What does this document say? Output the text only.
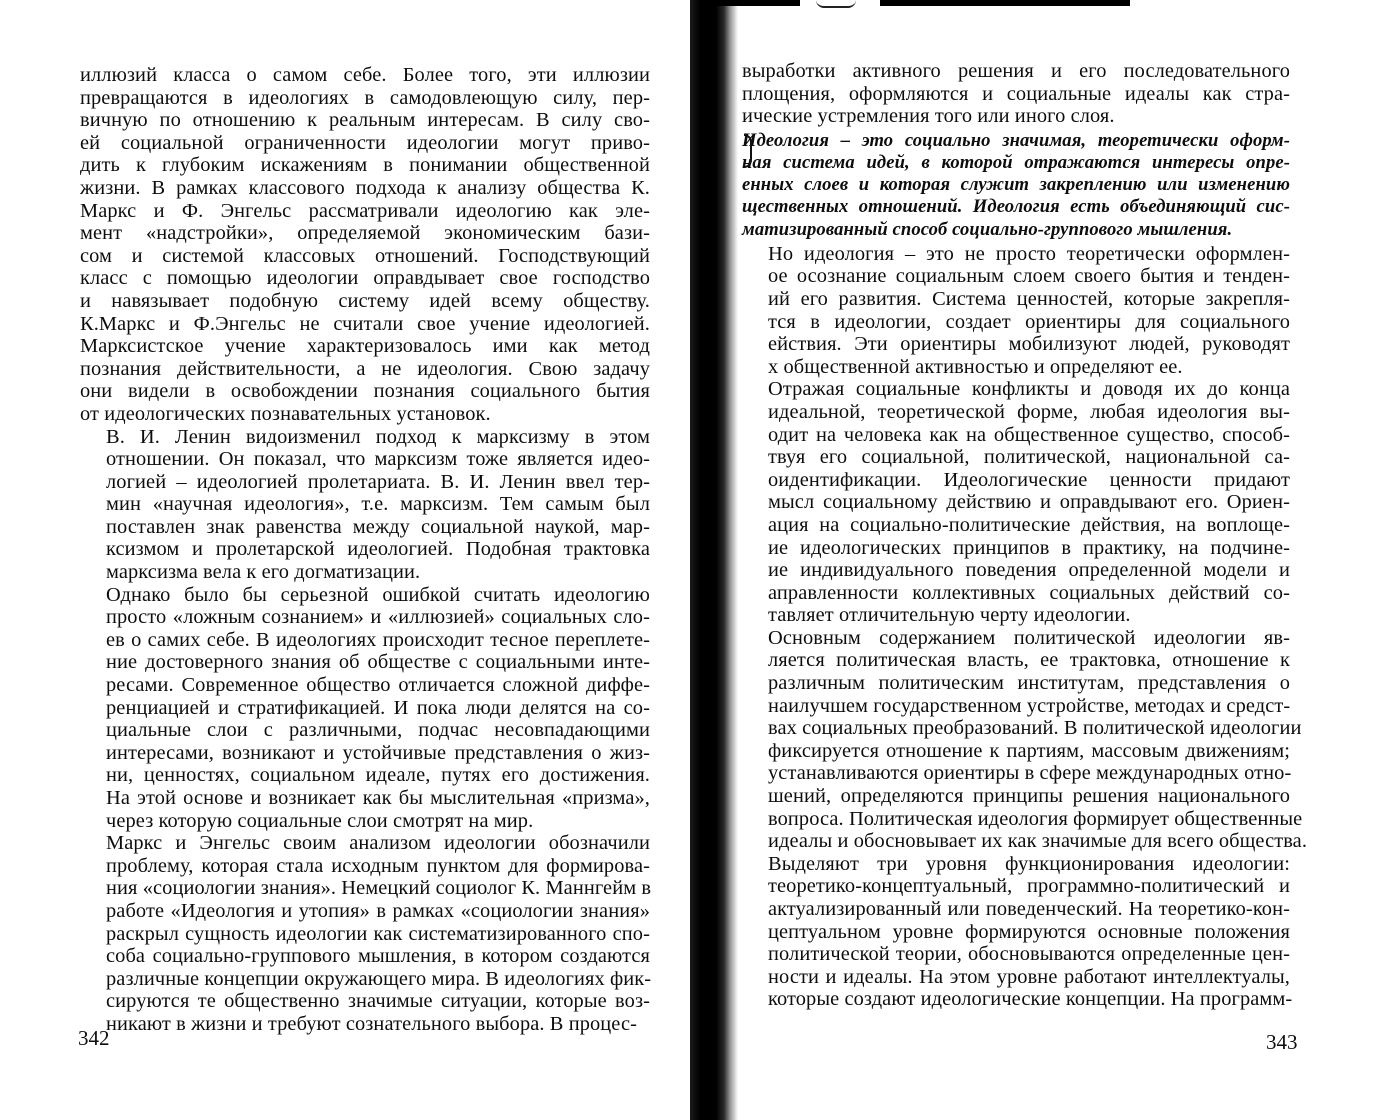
иллюзий класса о самом себе. Более того, эти иллюзии
превращаются в идеологиях в самодовлеющую силу, пер-
вичную по отношению к реальным интересам. В силу сво-
ей социальной ограниченности идеологии могут приво-
дить к глубоким искажениям в понимании общественной
жизни. В рамках классового подхода к анализу общества К.
Маркс и Ф. Энгельс рассматривали идеологию как эле-
мент «надстройки», определяемой экономическим бази-
сом и системой классовых отношений. Господствующий
класс с помощью идеологии оправдывает свое господство
и навязывает подобную систему идей всему обществу.
К.Маркс и Ф.Энгельс не считали свое учение идеологией.
Марксистское учение характеризовалось ими как метод
познания действительности, а не идеология. Свою задачу
они видели в освобождении познания социального бытия
от идеологических познавательных установок.
В. И. Ленин видоизменил подход к марксизму в этом
отношении. Он показал, что марксизм тоже является идео-
логией – идеологией пролетариата. В. И. Ленин ввел тер-
мин «научная идеология», т.е. марксизм. Тем самым был
поставлен знак равенства между социальной наукой, мар-
ксизмом и пролетарской идеологией. Подобная трактовка
марксизма вела к его догматизации.
Однако было бы серьезной ошибкой считать идеологию
просто «ложным сознанием» и «иллюзией» социальных сло-
ев о самих себе. В идеологиях происходит тесное переплете-
ние достоверного знания об обществе с социальными инте-
ресами. Современное общество отличается сложной диффе-
ренциацией и стратификацией. И пока люди делятся на со-
циальные слои с различными, подчас несовпадающими
интересами, возникают и устойчивые представления о жиз-
ни, ценностях, социальном идеале, путях его достижения.
На этой основе и возникает как бы мыслительная «призма»,
через которую социальные слои смотрят на мир.
Маркс и Энгельс своим анализом идеологии обозначили
проблему, которая стала исходным пунктом для формирова-
ния «социологии знания». Немецкий социолог К. Маннгейм в
работе «Идеология и утопия» в рамках «социологии знания»
раскрыл сущность идеологии как систематизированного спо-
соба социально-группового мышления, в котором создаются
различные концепции окружающего мира. В идеологиях фик-
сируются те общественно значимые ситуации, которые воз-
никают в жизни и требуют сознательного выбора. В процес-
342
выработки активного решения и его последовательного
площения, оформляются и социальные идеалы как стра-
ические устремления того или иного слоя.
Идеология – это социально значимая, теоретически оформ-
ная система идей, в которой отражаются интересы опре-
енных слоев и которая служит закреплению или изменению
щественных отношений. Идеология есть объединяющий сис-
матизированный способ социально-группового мышления.
Но идеология – это не просто теоретически оформлен-
ое осознание социальным слоем своего бытия и тенден-
ий его развития. Система ценностей, которые закрепля-
тся в идеологии, создает ориентиры для социального
ействия. Эти ориентиры мобилизуют людей, руководят
х общественной активностью и определяют ее.
Отражая социальные конфликты и доводя их до конца
идеальной, теоретической форме, любая идеология вы-
одит на человека как на общественное существо, способ-
твуя его социальной, политической, национальной са-
оидентификации. Идеологические ценности придают
мысл социальному действию и оправдывают его. Ориен-
ация на социально-политические действия, на воплоще-
ие идеологических принципов в практику, на подчине-
ие индивидуального поведения определенной модели и
аправленности коллективных социальных действий со-
тавляет отличительную черту идеологии.
Основным содержанием политической идеологии яв-
ляется политическая власть, ее трактовка, отношение к
различным политическим институтам, представления о
наилучшем государственном устройстве, методах и средст-
вах социальных преобразований. В политической идеологии
фиксируется отношение к партиям, массовым движениям;
устанавливаются ориентиры в сфере международных отно-
шений, определяются принципы решения национального
вопроса. Политическая идеология формирует общественные
идеалы и обосновывает их как значимые для всего общества.
Выделяют три уровня функционирования идеологии:
теоретико-концептуальный, программно-политический и
актуализированный или поведенческий. На теоретико-кон-
цептуальном уровне формируются основные положения
политической теории, обосновываются определенные цен-
ности и идеалы. На этом уровне работают интеллектуалы,
которые создают идеологические концепции. На программ-
343
